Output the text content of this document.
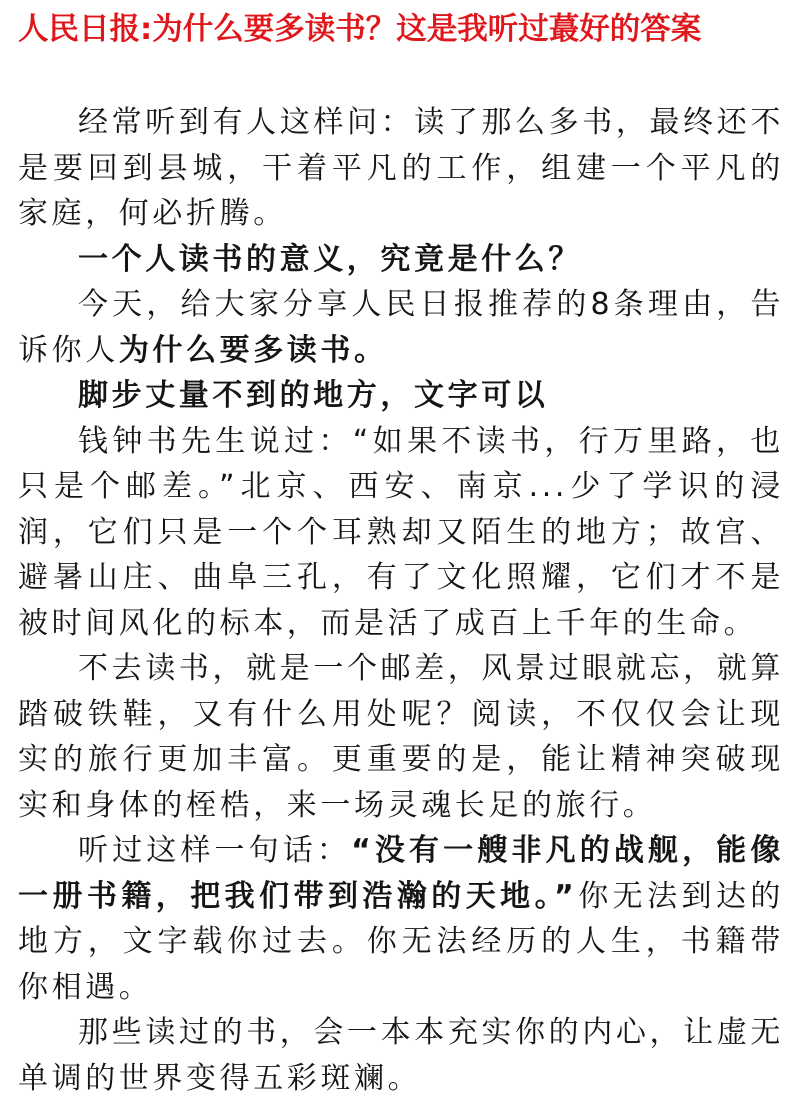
人民日报:为什么要多读书？这是我听过蕞好的答案

经常听到有人这样问：读了那么多书，最终还不是要回到县城，干着平凡的工作，组建一个平凡的家庭，何必折腾。

一个人读书的意义，究竟是什么？

今天，给大家分享人民日报推荐的8条理由，告诉你人为什么要多读书。

脚步丈量不到的地方，文字可以

钱钟书先生说过：“如果不读书，行万里路，也只是个邮差。”北京、西安、南京...少了学识的浸润，它们只是一个个耳熟却又陌生的地方；故宫、避暑山庄、曲阜三孔，有了文化照耀，它们才不是被时间风化的标本，而是活了成百上千年的生命。

不去读书，就是一个邮差，风景过眼就忘，就算踏破铁鞋，又有什么用处呢？阅读，不仅仅会让现实的旅行更加丰富。更重要的是，能让精神突破现实和身体的桎梏，来一场灵魂长足的旅行。

听过这样一句话：“没有一艘非凡的战舰，能像一册书籍，把我们带到浩瀚的天地。”你无法到达的地方，文字载你过去。你无法经历的人生，书籍带你相遇。

那些读过的书，会一本本充实你的内心，让虚无单调的世界变得五彩斑斓。
